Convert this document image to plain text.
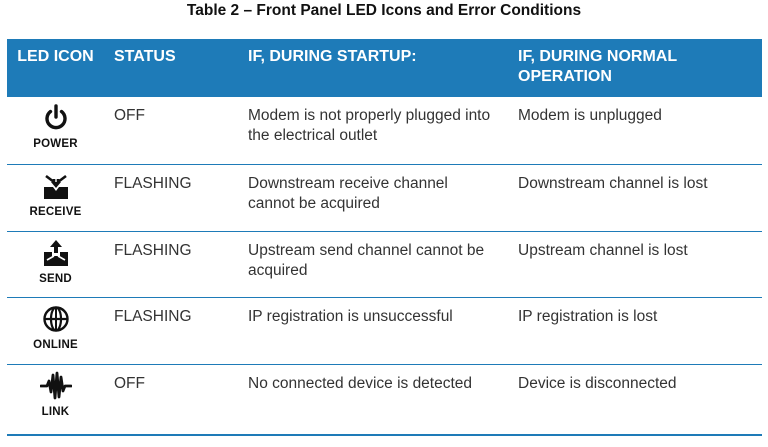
Table 2 – Front Panel LED Icons and Error Conditions
LED ICON	STATUS	IF, DURING STARTUP:	IF, DURING NORMAL OPERATION

POWER	OFF	Modem is not properly plugged into the electrical outlet	Modem is unplugged

RECEIVE	FLASHING	Downstream receive channel cannot be acquired	Downstream channel is lost

SEND	FLASHING	Upstream send channel cannot be acquired	Upstream channel is lost

ONLINE	FLASHING	IP registration is unsuccessful	IP registration is lost

LINK	OFF	No connected device is detected	Device is disconnected
